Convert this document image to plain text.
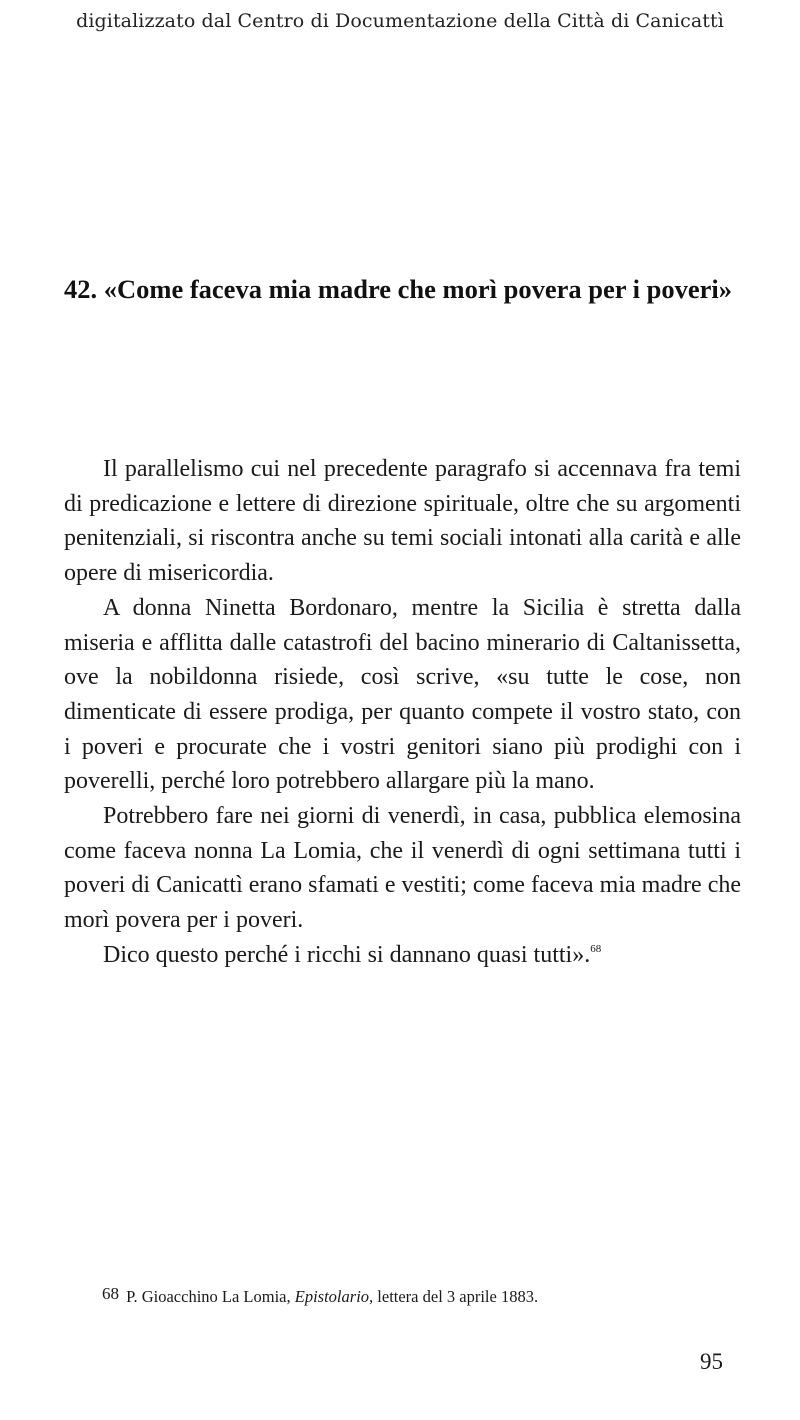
digitalizzato dal Centro di Documentazione della Città di Canicattì
42. «Come faceva mia madre che morì povera per i poveri»

Il parallelismo cui nel precedente paragrafo si accennava fra temi di predicazione e lettere di direzione spirituale, oltre che su argomenti penitenziali, si riscontra anche su temi sociali intonati alla carità e alle opere di misericordia.

A donna Ninetta Bordonaro, mentre la Sicilia è stretta dalla miseria e afflitta dalle catastrofi del bacino minerario di Caltanissetta, ove la nobildonna risiede, così scrive, «su tutte le cose, non dimenticate di essere prodiga, per quanto compete il vostro stato, con i poveri e procurate che i vostri genitori siano più prodighi con i poverelli, perché loro potrebbero allargare più la mano.

Potrebbero fare nei giorni di venerdì, in casa, pubblica elemosina come faceva nonna La Lomia, che il venerdì di ogni settimana tutti i poveri di Canicattì erano sfamati e vestiti; come faceva mia madre che morì povera per i poveri.

Dico questo perché i ricchi si dannano quasi tutti».$^{68}$

68 P. Gioacchino La Lomia, Epistolario, lettera del 3 aprile 1883.
95
